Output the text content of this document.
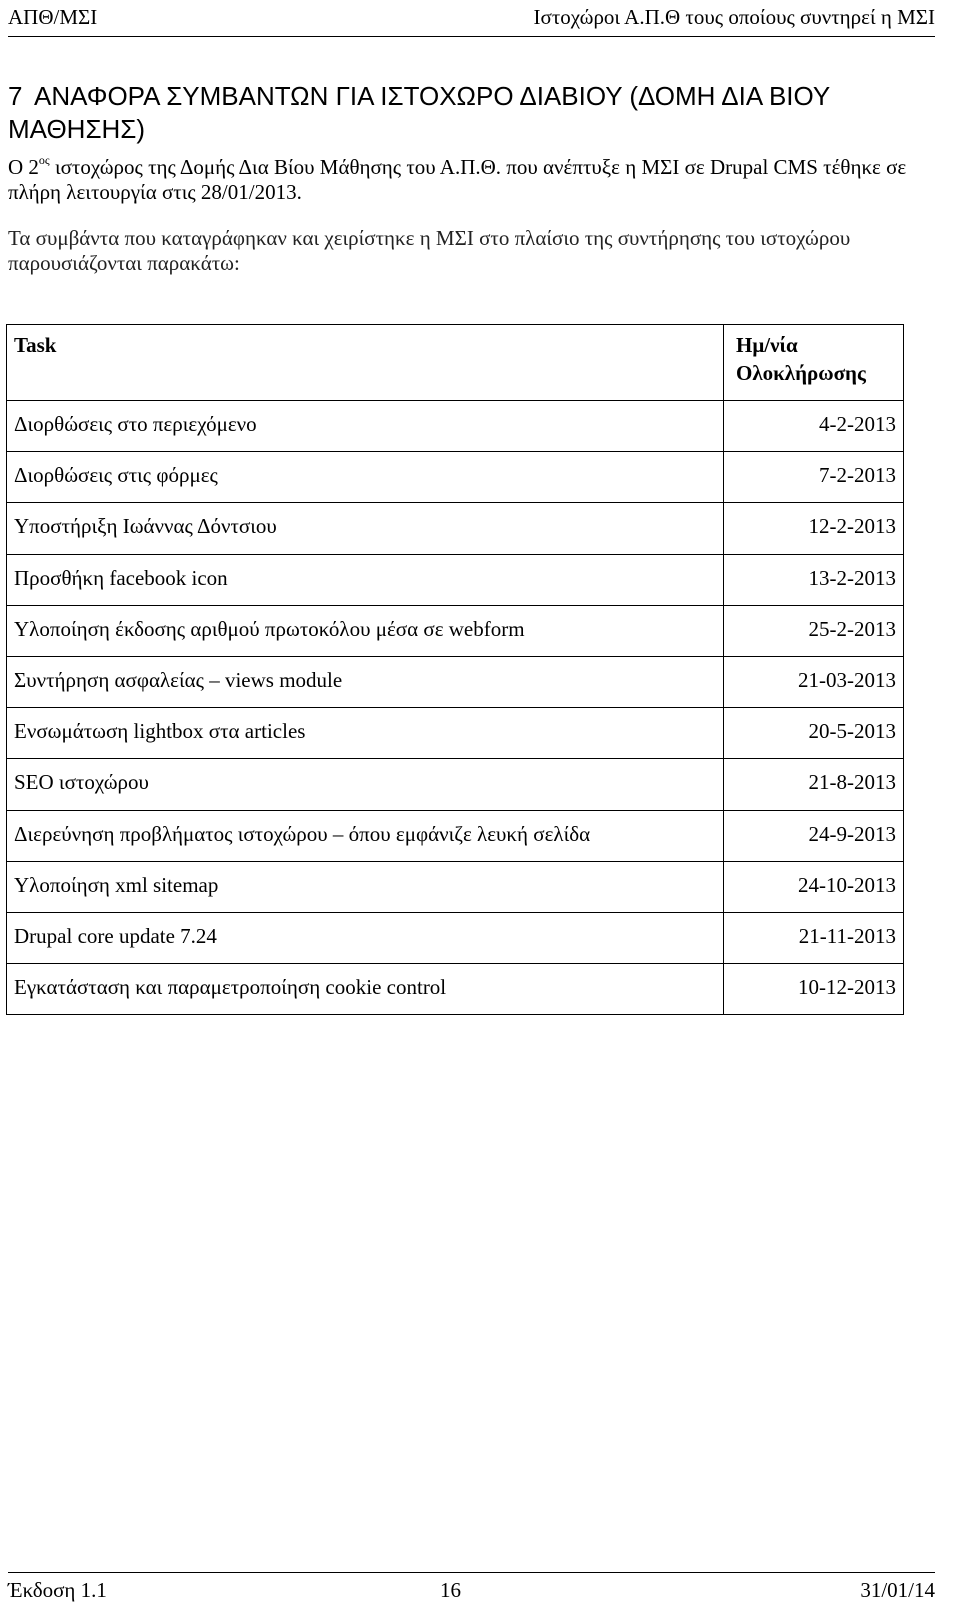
ΑΠΘ/ΜΣΙ	Ιστοχώροι Α.Π.Θ τους οποίους συντηρεί η ΜΣΙ
7 ΑΝΑΦΟΡΑ ΣΥΜΒΑΝΤΩΝ ΓΙΑ ΙΣΤΟΧΩΡΟ ΔΙΑΒΙΟΥ (ΔΟΜΗ ΔΙΑ ΒΙΟΥ ΜΑΘΗΣΗΣ)

Ο $2^{o\varsigma}$ ιστοχώρος της Δομής Δια Βίου Μάθησης του Α.Π.Θ. που ανέπτυξε η ΜΣΙ σε Drupal CMS τέθηκε σε πλήρη λειτουργία στις 28/01/2013.

Τα συμβάντα που καταγράφηκαν και χειρίστηκε η ΜΣΙ στο πλαίσιο της συντήρησης του ιστοχώρου παρουσιάζονται παρακάτω:

Task	Ημ/νία
Ολοκλήρωσης
Διορθώσεις στο περιεχόμενο	4-2-2013
Διορθώσεις στις φόρμες	7-2-2013
Υποστήριξη Ιωάννας Δόντσιου	12-2-2013
Προσθήκη facebook icon	13-2-2013
Υλοποίηση έκδοσης αριθμού πρωτοκόλου μέσα σε webform	25-2-2013
Συντήρηση ασφαλείας – views module	21-03-2013
Ενσωμάτωση lightbox στα articles	20-5-2013
SEO ιστοχώρου	21-8-2013
Διερεύνηση προβλήματος ιστοχώρου – όπου εμφάνιζε λευκή σελίδα	24-9-2013
Υλοποίηση xml sitemap	24-10-2013
Drupal core update 7.24	21-11-2013
Εγκατάσταση και παραμετροποίηση cookie control	10-12-2013
Έκδοση 1.1	16	31/01/14
